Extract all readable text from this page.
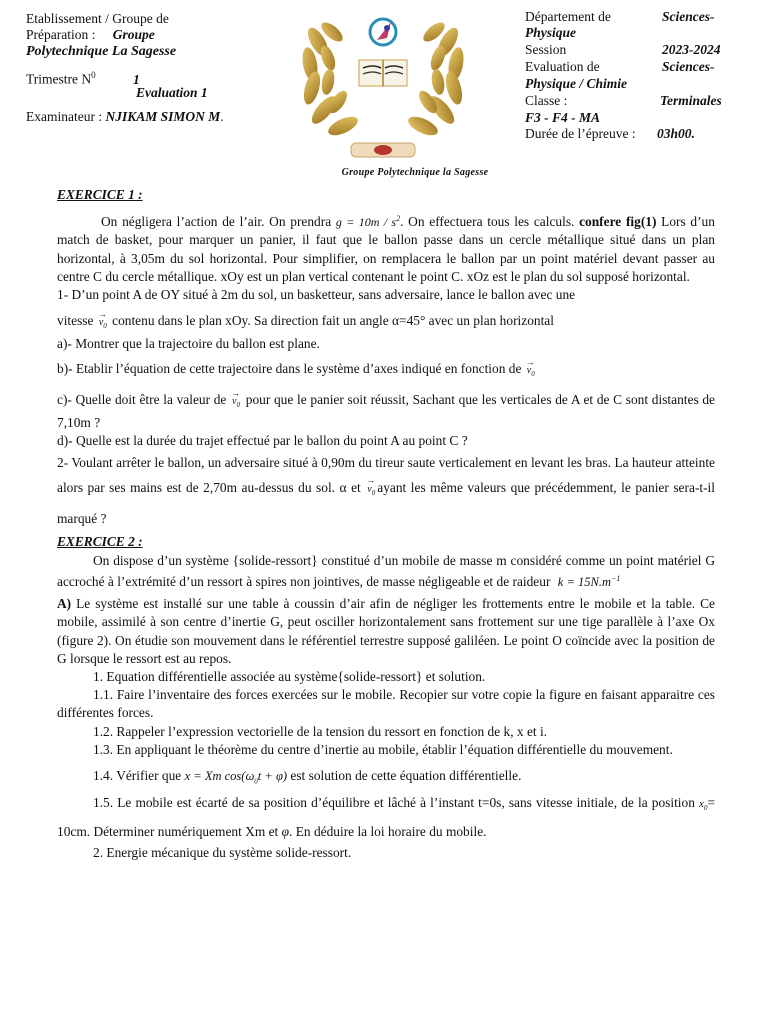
Etablissement / Groupe de
Préparation : Groupe
Polytechnique La Sagesse
Trimestre $N^0$	1
Evaluation 1
Examinateur : NJIKAM SIMON M.
Groupe Polytechnique la Sagesse
Département de	Sciences-
Physique
Session	2023-2024
Evaluation de	Sciences-
Physique / Chimie
Classe :	Terminales
F3 - F4 - MA
Durée de l’épreuve : 03h00.

EXERCICE 1 :

On négligera l’action de l’air. On prendra $g = 10m / s^2$. On effectuera tous les calculs. confere fig(1) Lors d’un match de basket, pour marquer un panier, il faut que le ballon passe dans un cercle métallique situé dans un plan horizontal, à 3,05m du sol horizontal. Pour simplifier, on remplacera le ballon par un point matériel devant passer au centre C du cercle métallique. xOy est un plan vertical contenant le point C. xOz est le plan du sol supposé horizontal.

1- D’un point A de OY situé à 2m du sol, un basketteur, sans adversaire, lance le ballon avec une

vitesse → $v_0$ contenu dans le plan xOy. Sa direction fait un angle α=45° avec un plan horizontal

a)- Montrer que la trajectoire du ballon est plane.

b)- Etablir l’équation de cette trajectoire dans le système d’axes indiqué en fonction de → $v_0$

c)- Quelle doit être la valeur de → $v_0$ pour que le panier soit réussit, Sachant que les verticales de A et de C sont distantes de 7,10m ?

d)- Quelle est la durée du trajet effectué par le ballon du point A au point C ?

2- Voulant arrêter le ballon, un adversaire situé à 0,90m du tireur saute verticalement en levant les bras. La hauteur atteinte alors par ses mains est de 2,70m au-dessus du sol. α et → $v_0$ ayant les même valeurs que précédemment, le panier sera-t-il marqué ?

EXERCICE 2 :

On dispose d’un système {solide-ressort} constitué d’un mobile de masse m considéré comme un point matériel G accroché à l’extrémité d’un ressort à spires non jointives, de masse négligeable et de raideur $k = 15N.m^{-1}$

A) Le système est installé sur une table à coussin d’air afin de négliger les frottements entre le mobile et la table. Ce mobile, assimilé à son centre d’inertie G, peut osciller horizontalement sans frottement sur une tige parallèle à l’axe Ox (figure 2). On étudie son mouvement dans le référentiel terrestre supposé galiléen. Le point O coïncide avec la position de G lorsque le ressort est au repos.

1. Equation différentielle associée au système{solide-ressort} et solution.

1.1. Faire l’inventaire des forces exercées sur le mobile. Recopier sur votre copie la figure en faisant apparaitre ces différentes forces.

1.2. Rappeler l’expression vectorielle de la tension du ressort en fonction de k, x et i.

1.3. En appliquant le théorème du centre d’inertie au mobile, établir l’équation différentielle du mouvement.

1.4. Vérifier que x = Xm $\cos(\omega_0t + \varphi)$ est solution de cette équation différentielle.

1.5. Le mobile est écarté de sa position d’équilibre et lâché à l’instant t=0s, sans vitesse initiale, de la position $x_0= 10cm$. Déterminer numériquement Xm et φ. En déduire la loi horaire du mobile.

2. Energie mécanique du système solide-ressort.
